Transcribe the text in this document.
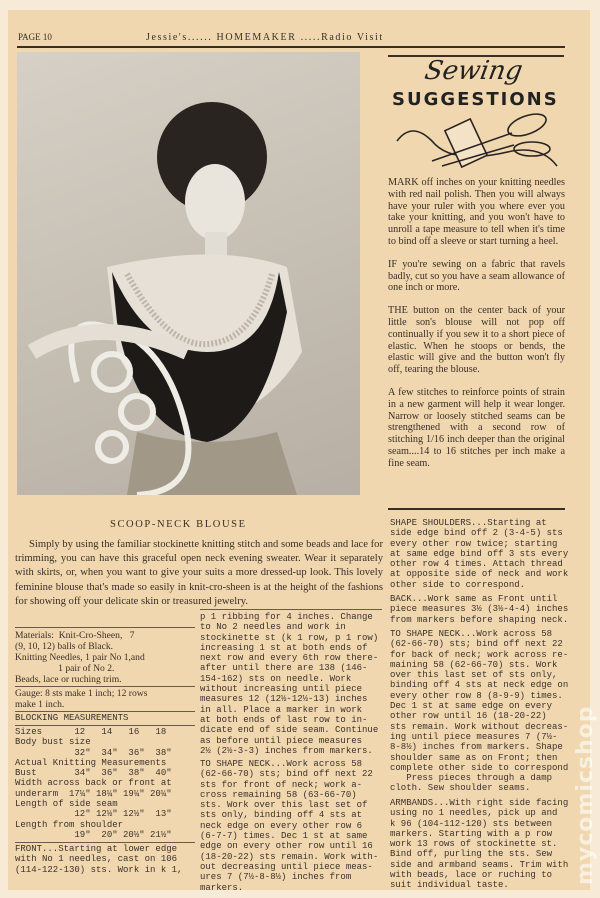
PAGE 10	Jessie's...... HOMEMAKER .....Radio Visit
Sewing
SUGGESTIONS

MARK off inches on your knitting needles with red nail polish. Then you will always have your ruler with you where ever you take your knitting, and you won't have to unroll a tape measure to tell when it's time to bind off a sleeve or start turning a heel.

IF you're sewing on a fabric that ravels badly, cut so you have a seam allowance of one inch or more.

THE button on the center back of your little son's blouse will not pop off continually if you sew it to a short piece of elastic. When he stoops or bends, the elastic will give and the button won't fly off, tearing the blouse.

A few stitches to reinforce points of strain in a new garment will help it wear longer. Narrow or loosely stitched seams can be strengthened with a second row of stitching 1/16 inch deeper than the original seam....14 to 16 stitches per inch make a fine seam.

SCOOP-NECK BLOUSE
Simply by using the familiar stockinette knitting stitch and some beads and lace for trimming, you can have this graceful open neck evening sweater. Wear it separately with skirts, or, when you want to give your suits a more dressed-up look. This lovely feminine blouse that's made so easily in knit-cro-sheen is at the height of the fashions for showing off your delicate skin or treasured jewelry.
Materials:  Knit-Cro-Sheen,   7
(9, 10, 12) balls of Black.
Knitting Needles, 1 pair No 1,and
1 pair of No 2.
Beads, lace or ruching trim.
Gauge: 8 sts make 1 inch; 12 rows
make 1 inch.
BLOCKING MEASUREMENTS
Sizes      12   14   16   18
Body bust size
32"  34"  36"  38"
Actual Knitting Measurements
Bust       34"  36"  38"  40"
Width across back or front at
underarm  17¼" 18¼" 19¼" 20¼"
Length of side seam
12" 12½" 12½"  13"
Length from shoulder
19"  20" 20½" 21½"
FRONT...Starting at lower edge
with No 1 needles, cast on 106
(114-122-130) sts. Work in k 1,
p 1 ribbing for 4 inches. Change
to No 2 needles and work in
stockinette st (k 1 row, p 1 row)
increasing 1 st at both ends of
next row and every 6th row there-
after until there are 138 (146-
154-162) sts on needle. Work
without increasing until piece
measures 12 (12½-12½-13) inches
in all. Place a marker in work
at both ends of last row to in-
dicate end of side seam. Continue
as before until piece measures
2½ (2½-3-3) inches from markers.
TO SHAPE NECK...Work across 58
(62-66-70) sts; bind off next 22
sts for front of neck; work a-
cross remaining 58 (63-66-70)
sts. Work over this last set of
sts only, binding off 4 sts at
neck edge on every other row 6
(6-7-7) times. Dec 1 st at same
edge on every other row until 16
(18-20-22) sts remain. Work with-
out decreasing until piece meas-
ures 7 (7½-8-8½) inches from
markers.
SHAPE SHOULDERS...Starting at
side edge bind off 2 (3-4-5) sts
every other row twice; starting
at same edge bind off 3 sts every
other row 4 times. Attach thread
at opposite side of neck and work
other side to correspond.
BACK...Work same as Front until
piece measures 3½ (3½-4-4) inches
from markers before shaping neck.
TO SHAPE NECK...Work across 58
(62-66-70) sts; bind off next 22
for back of neck; work across re-
maining 58 (62-66-70) sts. Work
over this last set of sts only,
binding off 4 sts at neck edge on
every other row 8 (8-9-9) times.
Dec 1 st at same edge on every
other row until 16 (18-20-22)
sts remain. Work without decreas-
ing until piece measures 7 (7½-
8-8½) inches from markers. Shape
shoulder same as on Front; then
complete other side to correspond
Press pieces through a damp
cloth. Sew shoulder seams.
ARMBANDS...With right side facing
using no 1 needles, pick up and
k 96 (104-112-120) sts between
markers. Starting with a p row
work 13 rows of stockinette st.
Bind off, purling the sts. Sew
side and armband seams. Trim with
with beads, lace or ruching to
suit individual taste.
mycomicshop
